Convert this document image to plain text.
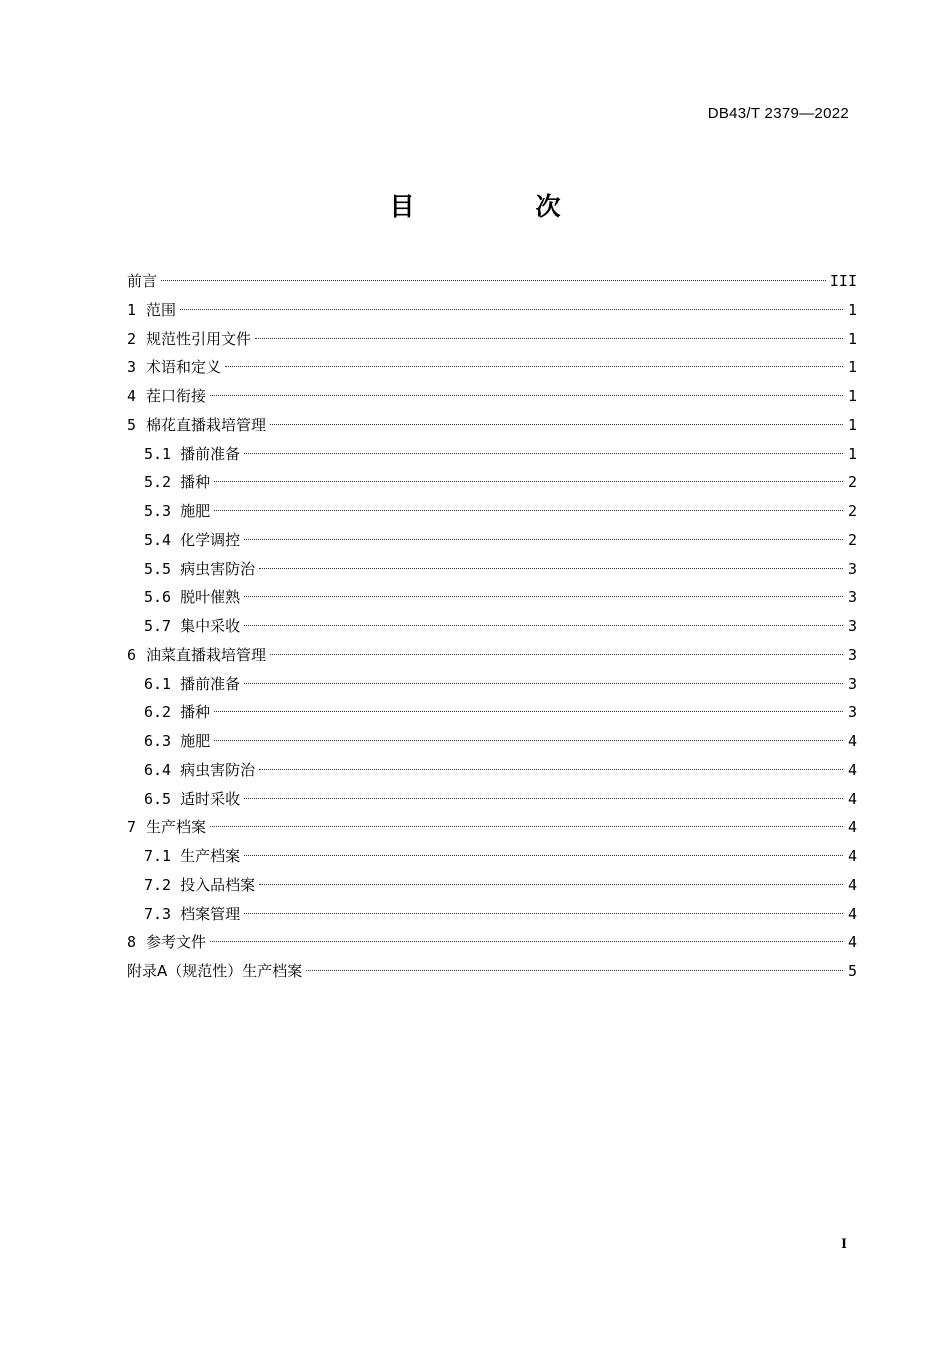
DB43/T 2379—2022
目　次
前言	III
1 范围	1
2 规范性引用文件	1
3 术语和定义	1
4 茬口衔接	1
5 棉花直播栽培管理	1
5.1 播前准备	1
5.2 播种	2
5.3 施肥	2
5.4 化学调控	2
5.5 病虫害防治	3
5.6 脱叶催熟	3
5.7 集中采收	3
6 油菜直播栽培管理	3
6.1 播前准备	3
6.2 播种	3
6.3 施肥	4
6.4 病虫害防治	4
6.5 适时采收	4
7 生产档案	4
7.1 生产档案	4
7.2 投入品档案	4
7.3 档案管理	4
8 参考文件	4
附录A（规范性）生产档案	5
I
